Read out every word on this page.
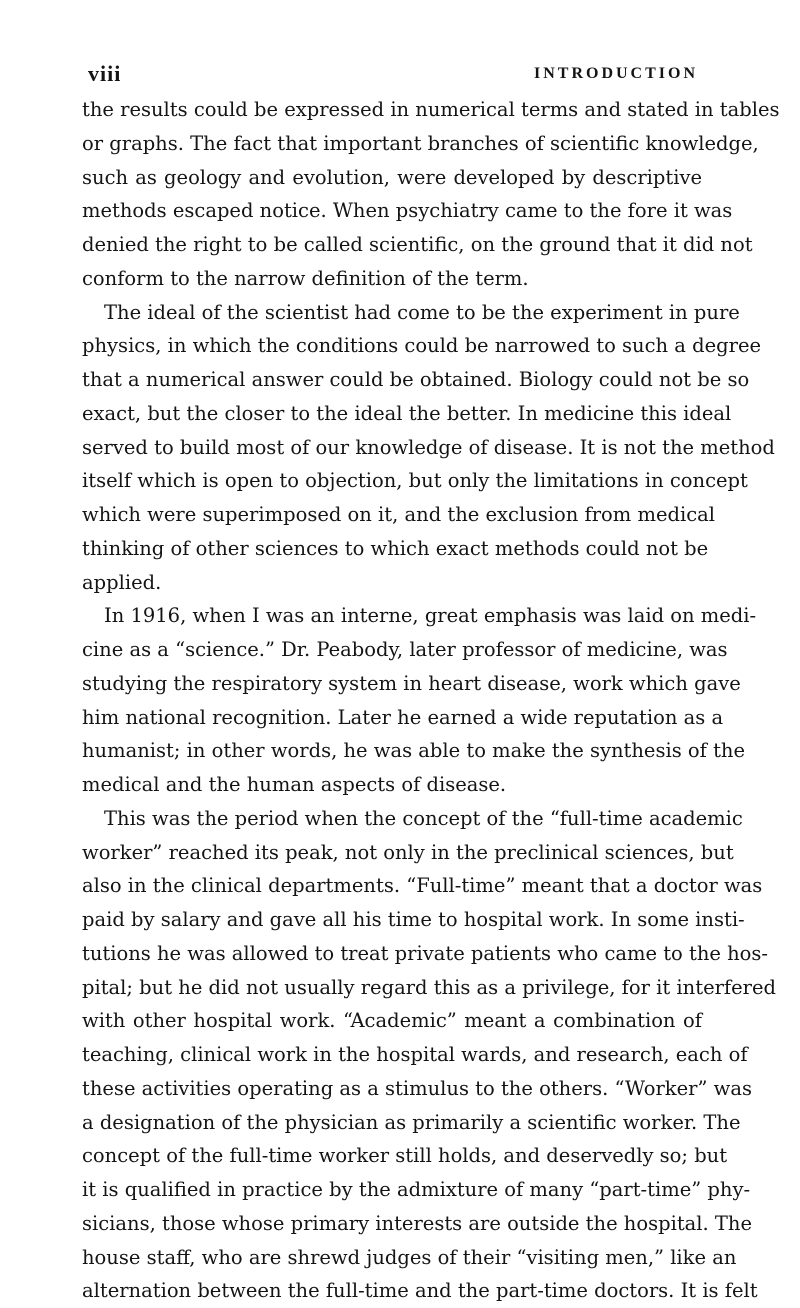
viii	INTRODUCTION
the results could be expressed in numerical terms and stated in tables
or graphs. The fact that important branches of scientific knowledge,
such as geology and evolution, were developed by descriptive
methods escaped notice. When psychiatry came to the fore it was
denied the right to be called scientific, on the ground that it did not
conform to the narrow definition of the term.
The ideal of the scientist had come to be the experiment in pure
physics, in which the conditions could be narrowed to such a degree
that a numerical answer could be obtained. Biology could not be so
exact, but the closer to the ideal the better. In medicine this ideal
served to build most of our knowledge of disease. It is not the method
itself which is open to objection, but only the limitations in concept
which were superimposed on it, and the exclusion from medical
thinking of other sciences to which exact methods could not be
applied.
In 1916, when I was an interne, great emphasis was laid on medi-
cine as a “science.” Dr. Peabody, later professor of medicine, was
studying the respiratory system in heart disease, work which gave
him national recognition. Later he earned a wide reputation as a
humanist; in other words, he was able to make the synthesis of the
medical and the human aspects of disease.
This was the period when the concept of the “full-time academic
worker” reached its peak, not only in the preclinical sciences, but
also in the clinical departments. “Full-time” meant that a doctor was
paid by salary and gave all his time to hospital work. In some insti-
tutions he was allowed to treat private patients who came to the hos-
pital; but he did not usually regard this as a privilege, for it interfered
with other hospital work. “Academic” meant a combination of
teaching, clinical work in the hospital wards, and research, each of
these activities operating as a stimulus to the others. “Worker” was
a designation of the physician as primarily a scientific worker. The
concept of the full-time worker still holds, and deservedly so; but
it is qualified in practice by the admixture of many “part-time” phy-
sicians, those whose primary interests are outside the hospital. The
house staff, who are shrewd judges of their “visiting men,” like an
alternation between the full-time and the part-time doctors. It is felt
